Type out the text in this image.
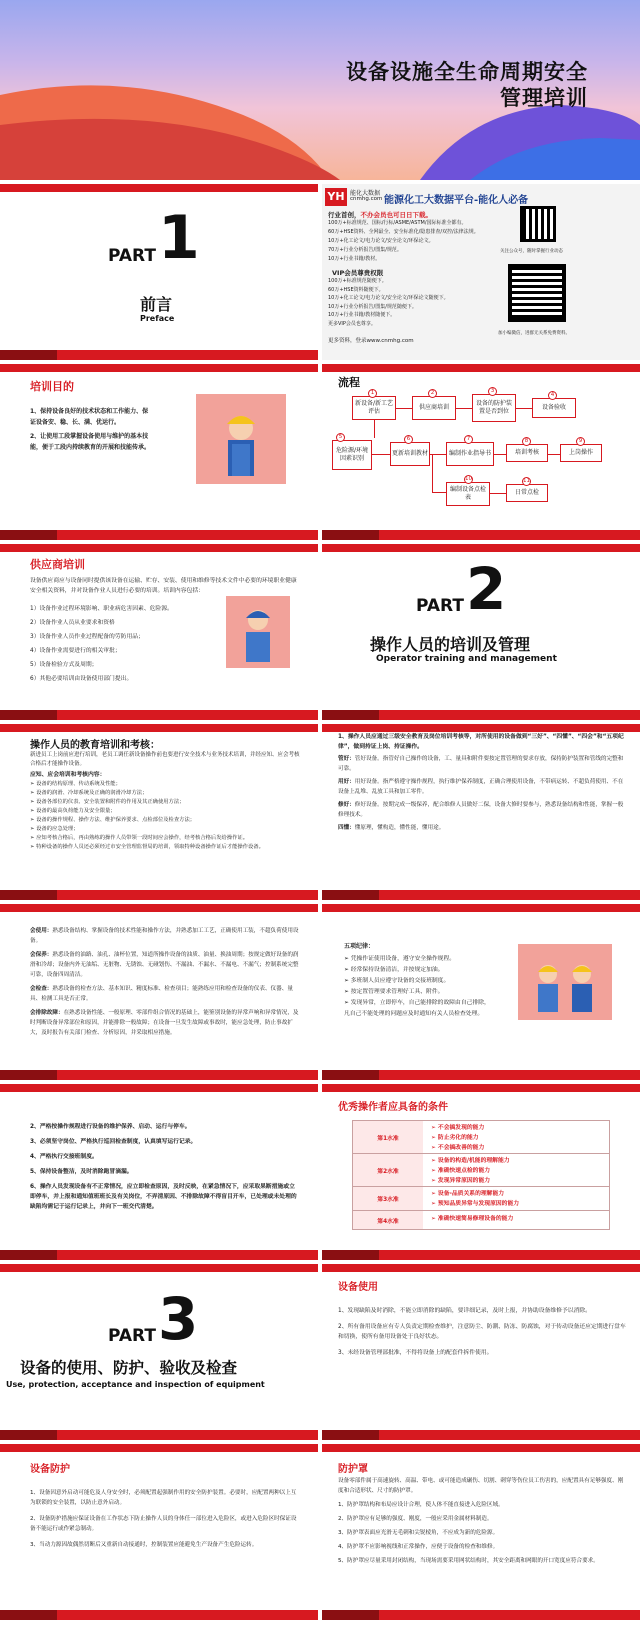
设备设施全生命周期安全
管理培训
PART 1
前言
Preface
YH 能化大数据
cnmhg.com 能源化工大数据平台-能化人必备
行业首创，不办会员也可日日下载。

100万+标准规范、国标/行标/ASME/ASTM/国际标准全都有。

60万+HSE资料、全网最全、安全标准化/隐患排查/双控/法律法规。

10万+化工论文/电力论文/安全论文/环保论文。

70万+行业分析报告/图集/规范。

10万+行业书籍/教材。

VIP会员尊贵权限

100万+标准规范随便下。

60万+HSE资料随便下。

10万+化工论文/电力论文/安全论文/环保论文随便下。

10万+行业分析报告/图集/规范随便下。

10万+行业书籍/教材随便下。

更多VIP会员也尊享。

更多资料，登录www.cnmhg.com
关注公众号，随时掌握行业动态
加小编微信，进群无关系免费资料。
培训目的

1、保持设备良好的技术状态和工作能力、保证设备安、稳、长、满、优运行。

2、让使用工段掌握设备使用与维护的基本技能，便于工段内持续教育的开展和技能传承。

流程
新设备/新工艺评估
1
供应商培训
2
设备的防护装置是否到位
3
设备验收
4
危险源/环境因素识别
5
更新培训教材
6
编制作业指导书
7
培训考核
8
上岗操作
9
编制设备点检表
10
日常点检
11
供应商培训
设备供应商应与设备同时提供该设备在运输、贮存、安装、使用和维修等技术文件中必要的环境职业健康安全相关资料，并对设备作业人员进行必要的培训。培训内容包括：

1）设备作业过程环境影响、职业病危害因素、危险源。

2）设备作业人员从业要求和资格

3）设备作业人员作业过程配备的劳防用品；

4）设备作业需要进行的相关审批；

5）设备检验方式及周期；

6）其他必要培训由设备使用部门提出。

PART 2
操作人员的培训及管理
Operator training and management
操作人员的教育培训和考核：
新进员工上岗前应进行培训，老员工调任新设备操作前也要进行安全技术与业务技术培训，并经应知、应会考核合格后才能操作设备。
应知、应会培训和考核内容：

➢ 设备的结构原理、传动系统及性能；

➢ 设备的润滑、冷却系统及正确的润滑冷却方法；

➢ 设备各部位的仪表、安全装置和附件的作用及其正确使用方法；

➢ 设备的最高负荷能力及安全限量；

➢ 设备的操作规程、操作方法、维护保养要求、点检部位及检查方法；

➢ 设备的应急处理；

➢ 应知考核合格后，再由熟练的操作人员带领一段时间应会操作，经考核合格后发给操作证。

➢ 特种设备的操作人员还必须经过市安全管理监督局的培训，领取特种设备操作证后才能操作设备。

1、操作人员应通过三级安全教育及岗位培训考核等，对所使用的设备做到“三好”、“四懂”、“四会”和“五项纪律”，做到持证上岗、持证操作。

管好：管好设备。指管好自己操作的设备，工、量具和附件要按定置管理的要求存放，保持防护装置和管线的完整和可靠。

用好：用好设备。指严格遵守操作规程，执行维护保养制度，正确合理使用设备，不带病运转、不超负荷使用、不在设备上乱堆、乱放工具和加工零件。

修好：修好设备。按期完成一级保养，配合维修人员做好二保，设备大修时要参与，熟悉设备结构和性能，掌握一般修理技术。

四懂：懂原理，懂构造，懂性能，懂用途。

会使用：熟悉设备结构、掌握设备的技术性能和操作方法，并熟悉加工工艺，正确使用工装，不超负荷使用设备。

会保养：熟悉设备的油路、油孔、油杯位置，知道所操作设备的油质、油量、换油周期；按规定做好设备的润滑和冷却；设备内外无油垢、无脏物、无锈蚀、无碰划伤、不漏油、不漏水、不漏电、不漏气；控制系统完整可靠，设备四周清洁。

会检查：熟悉设备的检查方法、基本知识、精度标准、检查项目；能熟练应用和检查设备的仪表、仪器、量具、检测工具是否正常。

会排除故障：在熟悉设备性能、一般原理、零部件组合情况的基础上，能鉴别设备的异常声响和异常情况，及时判断设备异常部位和原因，并能排除一般故障；在设备一旦发生故障或事故时，能应急处理，防止事故扩大，及时报告有关部门检查、分析原因，并采取相应措施。

五项纪律：

➢ 凭操作证使用设备，遵守安全操作规程。

➢ 经常保持设备清洁，并按规定加油。

➢ 多班制人员应遵守设备的交接班制度。

➢ 按定置管理要求管理好工具、附件。

➢ 发现异常，立即停车，自己能排除的故障由自己排除，凡自己不能处理的问题应及时通知有关人员检查处理。

2、严格按操作规程进行设备的维护保养、启动、运行与停车。

3、必须坚守岗位、严格执行巡回检查制度，认真填写运行记录。

4、严格执行交接班制度。

5、保持设备整洁，及时消除跑冒滴漏。

6、操作人员发现设备有不正常情况，应立即检查原因，及时反映，在紧急情况下，应采取果断措施或立即停车，并上报和通知值班班长及有关岗位，不弄清原因、不排除故障不得盲目开车，已处理或未处理的缺陷均需记于运行记录上，并向下一班交代清楚。

优秀操作者应具备的条件
第1水准

➢ 不会搞发现的能力

➢ 防止劣化的能力

➢ 不会搞改善的能力

第2水准

➢ 设备的构造/机能的理解能力

➢ 准确快速点检的能力

➢ 发现异常原因的能力

第3水准

➢ 设备-品质关系的理解能力

➢ 预知品质异常与发现原因的能力

第4水准	➢ 准确快速简易修理设备的能力

PART 3
设备的使用、防护、验收及检查
Use, protection, acceptance and inspection of equipment
设备使用

1、发现缺陷及时消除，不能立即消除的缺陷，要详细记录，及时上报，并协助设备维修予以消除。

2、所有备用设备应有专人负责定期检查维护，注意防尘、防潮、防冻、防腐蚀，对于传动设备还应定期进行盘车和切换，使所有备用设备处于良好状态。

3、未经设备管理部批准，不得将设备上的配套件拆件使用。

设备防护

1、设备因意外启动可能危及人身安全时，必须配置起强制作用的安全防护装置。必要时，应配置两种以上互为联锁的安全装置，以防止意外启动。

2、设备防护措施应保证设备在工作状态下防止操作人员的身体任一部位进入危险区，或进入危险区时保证设备不能运行或作紧急制动。

3、当动力源因故偶然切断后又重新自动接通时，控制装置应能避免生产设备产生危险运转。

防护罩
设备零部件属于高速旋转、高温、带电、或可能造成碾伤、切割、刺穿等伤位员工伤害的，应配置具有足够强度、刚度和合适形状、尺寸的防护罩。

1、防护罩结构和布局应设计合理，使人体不能直接进入危险区域。

2、防护罩应有足够的强度、刚度，一般应采用金属材料制造。

3、防护罩表面应光滑无毛刺和尖锐棱角，不应成为新的危险源。

4、防护罩不应影响视线和正常操作，应便于设备的检查和维修。

5、防护罩应尽量采用封闭结构，当现场需要采用网状结构时，其安全距离和网眼的开口宽度应符合要求。
